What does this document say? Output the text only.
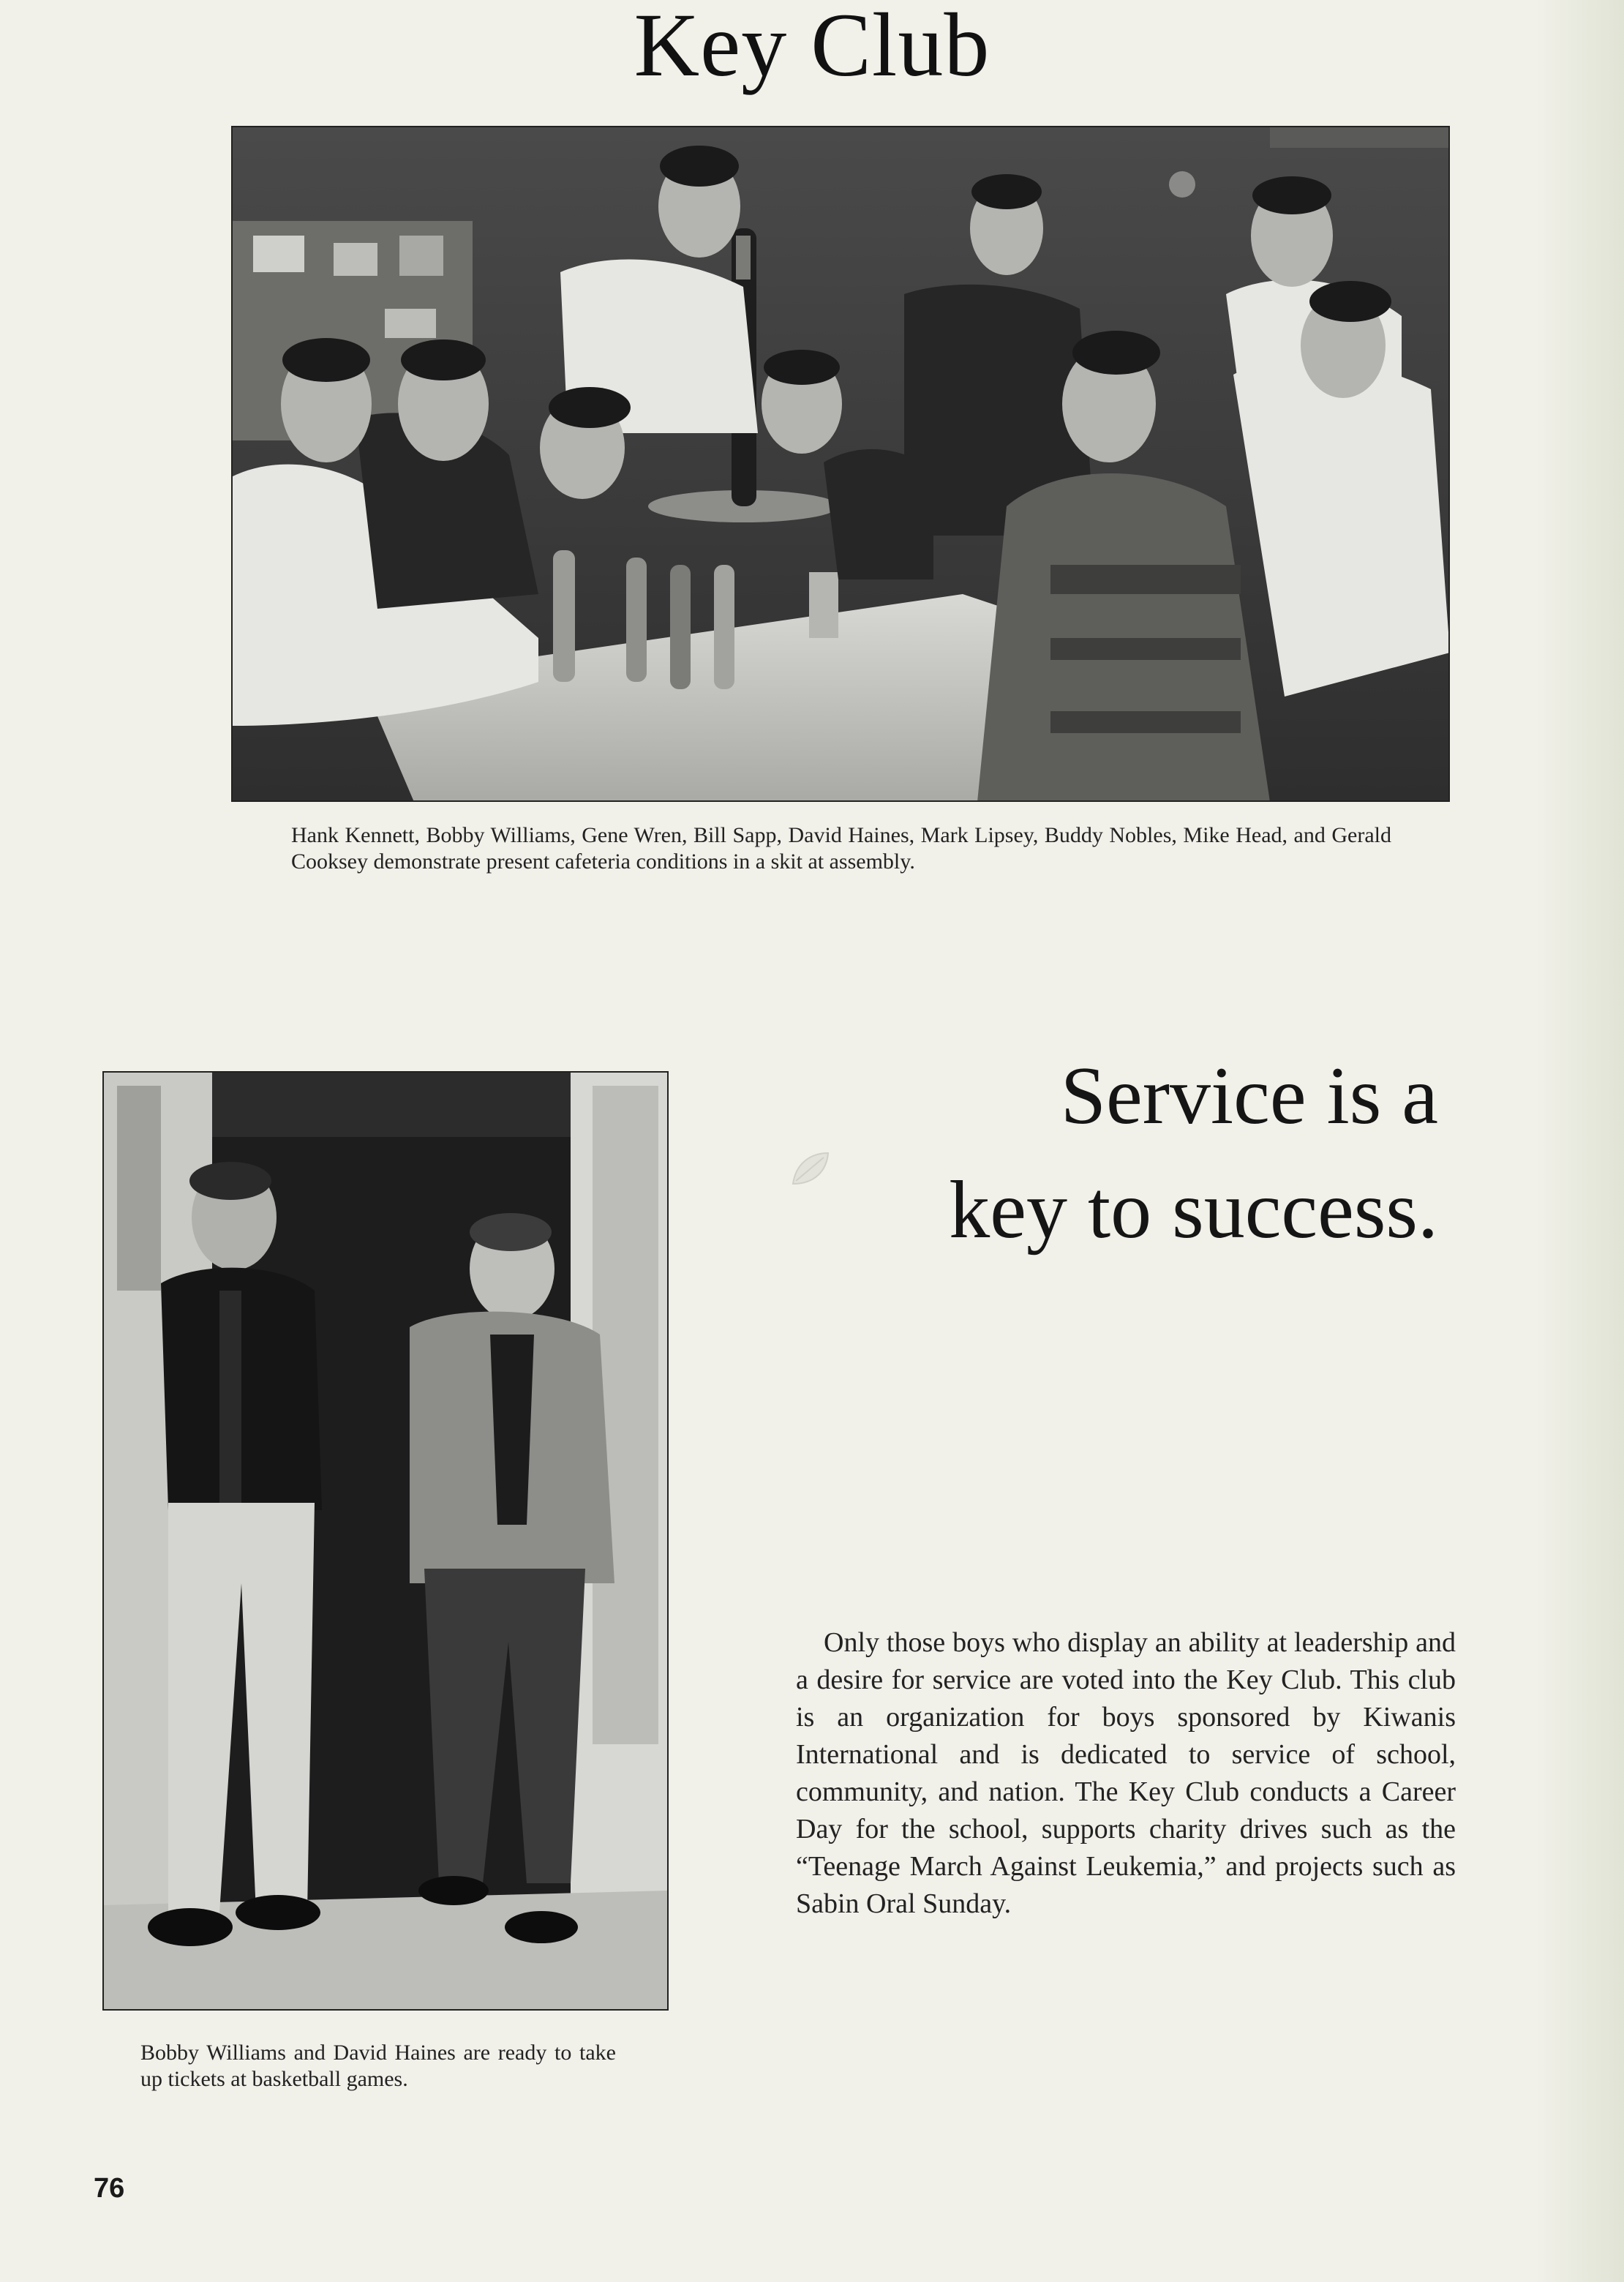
Key Club
Hank Kennett, Bobby Williams, Gene Wren, Bill Sapp, David Haines, Mark Lipsey, Buddy Nobles, Mike Head, and Gerald Cooksey demonstrate present cafeteria conditions in a skit at assembly.
Service is a
key to success.
Bobby Williams and David Haines are ready to take up tickets at basketball games.
Only those boys who display an ability at leadership and a desire for service are voted into the Key Club. This club is an organization for boys sponsored by Kiwanis International and is dedicated to service of school, community, and nation. The Key Club conducts a Career Day for the school, supports charity drives such as the “Teenage March Against Leukemia,” and projects such as Sabin Oral Sunday.
76
